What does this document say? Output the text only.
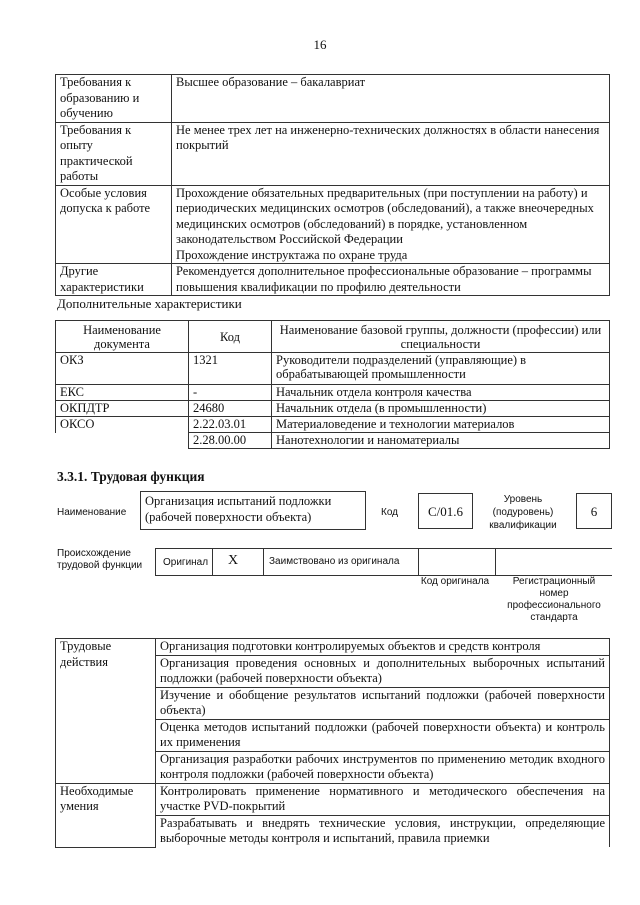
16
Требования к образованию и обучению	Высшее образование – бакалавриат
Требования к опыту практической работы	Не менее трех лет на инженерно-технических должностях в области нанесения покрытий
Особые условия допуска к работе	Прохождение обязательных предварительных (при поступлении на работу) и периодических медицинских осмотров (обследований), а также внеочередных медицинских осмотров (обследований) в порядке, установленном законодательством Российской Федерации
Прохождение инструктажа по охране труда

Другие характеристики	Рекомендуется дополнительное профессиональные образование – программы повышения квалификации по профилю деятельности
Дополнительные характеристики
Наименование документа	Код	Наименование базовой группы, должности (профессии) или специальности
ОКЗ	1321	Руководители подразделений (управляющие) в обрабатывающей промышленности
ЕКС	-	Начальник отдела контроля качества
ОКПДТР	24680	Начальник отдела (в промышленности)
ОКСО	2.22.03.01	Материаловедение и технологии материалов
	2.28.00.00	Нанотехнологии и наноматериалы
3.3.1. Трудовая функция
Наименование
Организация испытаний подложки (рабочей поверхности объекта)	Код	С/01.6
Уровень (подуровень) квалификации
6
Происхождение трудовой функции	Оригинал X	Заимствовано из оригинала
Код оригинала	Регистрационный номер профессионального стандарта
Трудовые действия	Организация подготовки контролируемых объектов и средств контроля
	Организация проведения основных и дополнительных выборочных испытаний подложки (рабочей поверхности объекта)
	Изучение и обобщение результатов испытаний подложки (рабочей поверхности объекта)
	Оценка методов испытаний подложки (рабочей поверхности объекта) и контроль их применения
	Организация разработки рабочих инструментов по применению методик входного контроля подложки (рабочей поверхности объекта)
Необходимые умения	Контролировать применение нормативного и методического обеспечения на участке PVD-покрытий
	Разрабатывать и внедрять технические условия, инструкции, определяющие выборочные методы контроля и испытаний, правила приемки
